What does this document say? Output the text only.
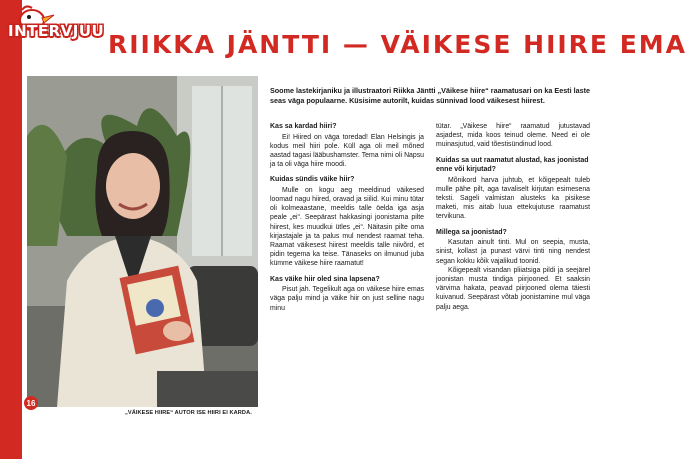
INTERVJUU RIIKKA JÄNTTI — VÄIKESE HIIRE EMA
16
„VÄIKESE HIIRE“ AUTOR ISE HIIRI EI KARDA.
Soome lastekirjaniku ja illustraatori Riikka Jäntti „Väikese hiire“ raamatusari on ka Eesti laste seas väga populaarne. Küsisime autorilt, kuidas sünnivad lood väikesest hiirest.
Kas sa kardad hiiri?
Ei! Hiired on väga toredad! Elan Helsingis ja kodus meil hiiri pole. Küll aga oli meil mõned aastad tagasi lääbushamster. Tema nimi oli Napsu ja ta oli väga hiire moodi.
Kuidas sündis väike hiir?
Mulle on kogu aeg meeldinud väikesed loomad nagu hiired, oravad ja siilid. Kui minu tütar oli kolmeaastane, meeldis talle öelda iga asja peale „ei“. Seepärast hakkasingi joonistama pilte hiirest, kes muudkui ütles „ei“. Näitasin pilte oma kirjastajale ja ta palus mul nendest raamat teha. Raamat väikesest hiirest meeldis talle niivõrd, et pidin tegema ka teise. Tänaseks on ilmunud juba kümme väikese hiire raamatut!
Kas väike hiir oled sina lapsena?
Pisut jah. Tegelikult aga on väikese hiire emas väga palju mind ja väike hiir on just selline nagu minu
tütar. „Väikese hiire“ raamatud jutustavad asjadest, mida koos teinud oleme. Need ei ole muinasjutud, vaid tõestisündinud lood.
Kuidas sa uut raamatut alustad, kas joonistad enne või kirjutad?
Mõnikord harva juhtub, et kõigepealt tuleb mulle pähe pilt, aga tavaliselt kirjutan esimesena teksti. Sageli valmistan alusteks ka pisikese maketi, mis aitab luua ettekujutuse raamatust tervikuna.
Millega sa joonistad?
Kasutan ainult tinti. Mul on seepia, musta, sinist, kollast ja punast värvi tinti ning nendest segan kokku kõik vajalikud toonid.
Kõigepealt visandan pliiatsiga pildi ja seejärel joonistan musta tindiga piirjooned. Et saaksin värvima hakata, peavad piirjooned olema täiesti kuivanud. Seepärast võtab joonistamine mul väga palju aega.
